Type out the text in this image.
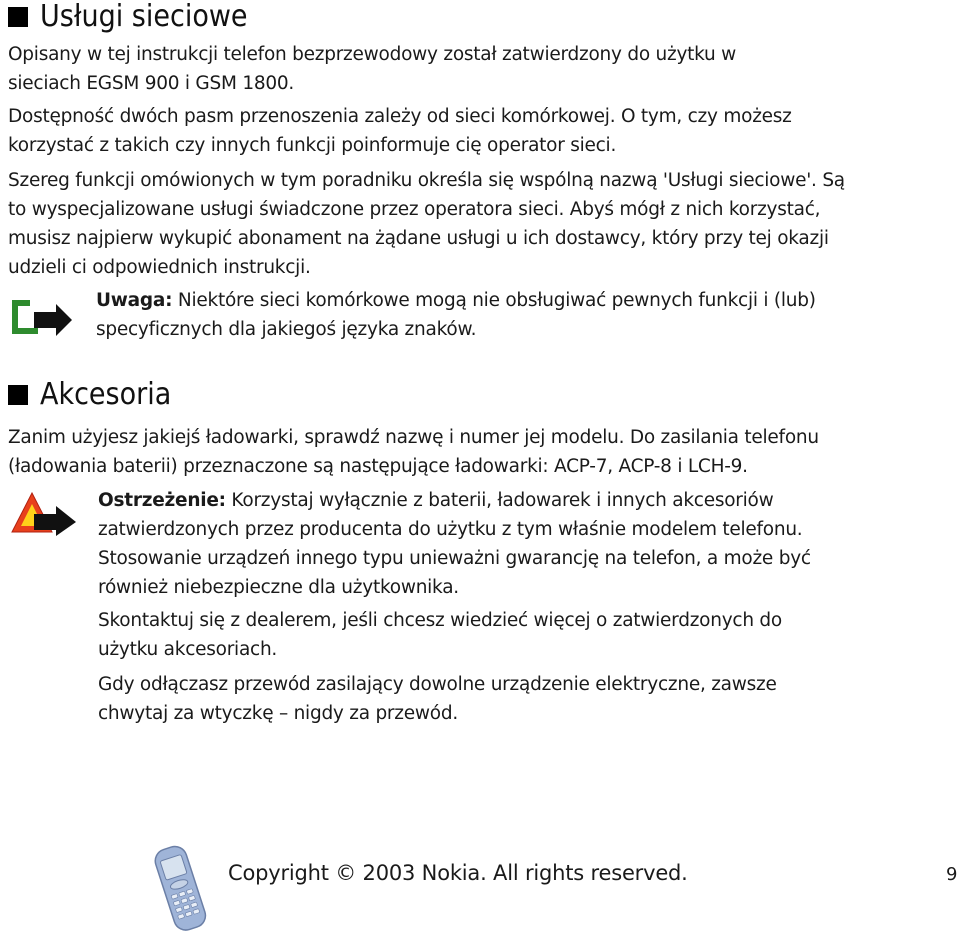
Usługi sieciowe

Opisany w tej instrukcji telefon bezprzewodowy został zatwierdzony do użytku w sieciach EGSM 900 i GSM 1800.

Dostępność dwóch pasm przenoszenia zależy od sieci komórkowej. O tym, czy możesz

korzystać z takich czy innych funkcji poinformuje cię operator sieci.

Szereg funkcji omówionych w tym poradniku określa się wspólną nazwą 'Usługi sieciowe'. Są

to wyspecjalizowane usługi świadczone przez operatora sieci. Abyś mógł z nich korzystać,

musisz najpierw wykupić abonament na żądane usługi u ich dostawcy, który przy tej okazji

udzieli ci odpowiednich instrukcji.

Uwaga: Niektóre sieci komórkowe mogą nie obsługiwać pewnych funkcji i (lub)

specyficznych dla jakiegoś języka znaków.

Akcesoria

Zanim użyjesz jakiejś ładowarki, sprawdź nazwę i numer jej modelu. Do zasilania telefonu

(ładowania baterii) przeznaczone są następujące ładowarki: ACP-7, ACP-8 i LCH-9.

Ostrzeżenie: Korzystaj wyłącznie z baterii, ładowarek i innych akcesoriów

zatwierdzonych przez producenta do użytku z tym właśnie modelem telefonu.

Stosowanie urządzeń innego typu unieważni gwarancję na telefon, a może być

również niebezpieczne dla użytkownika.

Skontaktuj się z dealerem, jeśli chcesz wiedzieć więcej o zatwierdzonych do

użytku akcesoriach.

Gdy odłączasz przewód zasilający dowolne urządzenie elektryczne, zawsze

chwytaj za wtyczkę – nigdy za przewód.

Copyright © 2003 Nokia. All rights reserved.	9
